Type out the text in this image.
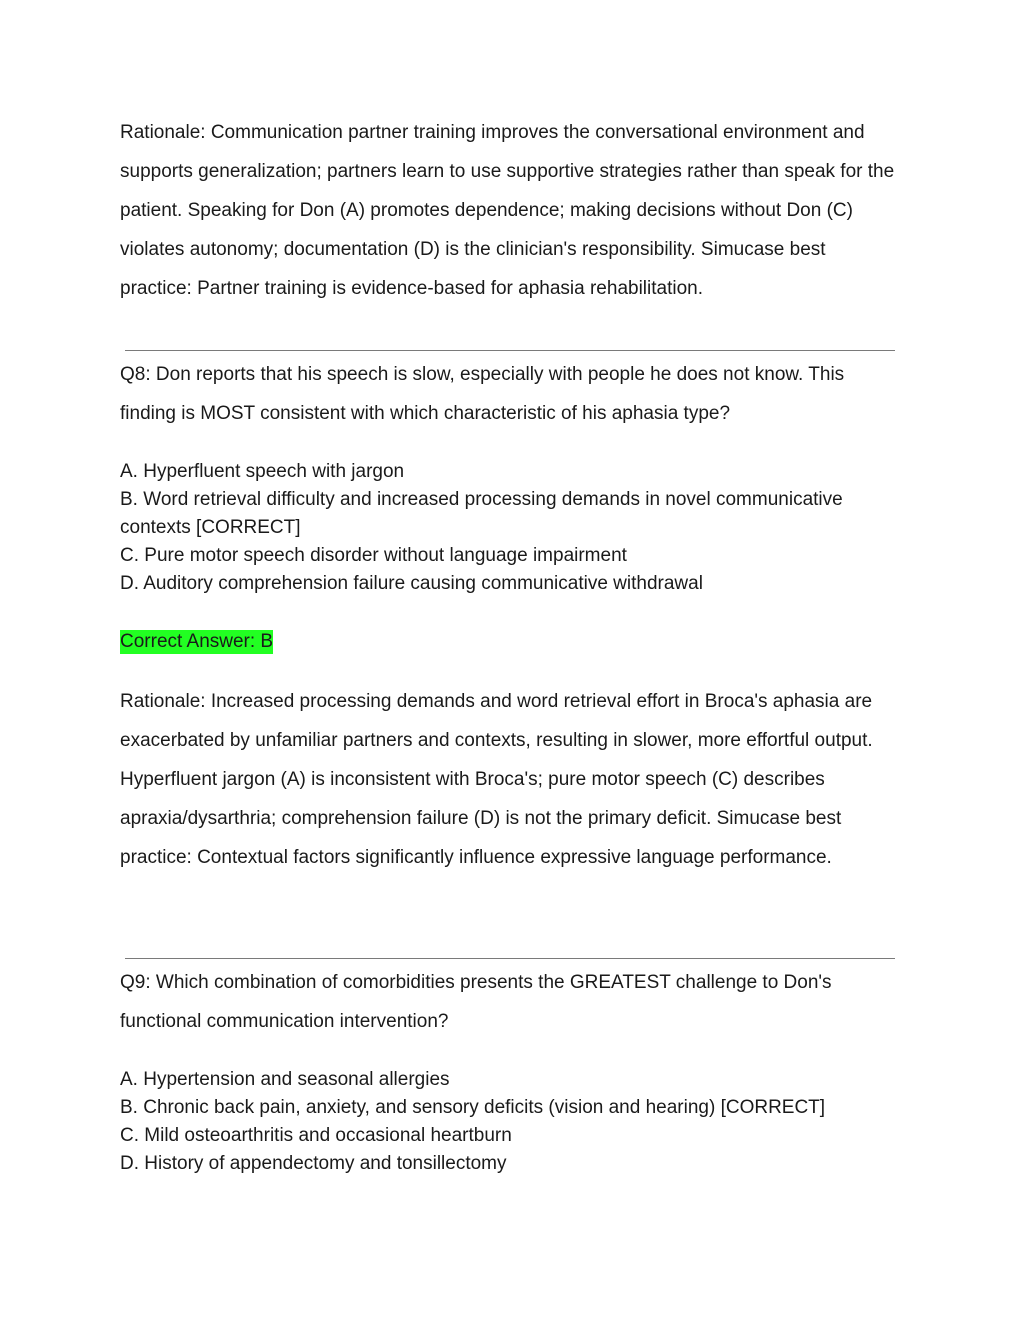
Rationale: Communication partner training improves the conversational environment and supports generalization; partners learn to use supportive strategies rather than speak for the patient. Speaking for Don (A) promotes dependence; making decisions without Don (C) violates autonomy; documentation (D) is the clinician's responsibility. Simucase best practice: Partner training is evidence-based for aphasia rehabilitation.

Q8: Don reports that his speech is slow, especially with people he does not know. This finding is MOST consistent with which characteristic of his aphasia type?

A. Hyperfluent speech with jargon
B. Word retrieval difficulty and increased processing demands in novel communicative contexts [CORRECT]
C. Pure motor speech disorder without language impairment
D. Auditory comprehension failure causing communicative withdrawal
Correct Answer: B

Rationale: Increased processing demands and word retrieval effort in Broca's aphasia are exacerbated by unfamiliar partners and contexts, resulting in slower, more effortful output. Hyperfluent jargon (A) is inconsistent with Broca's; pure motor speech (C) describes apraxia/dysarthria; comprehension failure (D) is not the primary deficit. Simucase best practice: Contextual factors significantly influence expressive language performance.

Q9: Which combination of comorbidities presents the GREATEST challenge to Don's functional communication intervention?

A. Hypertension and seasonal allergies
B. Chronic back pain, anxiety, and sensory deficits (vision and hearing) [CORRECT]
C. Mild osteoarthritis and occasional heartburn
D. History of appendectomy and tonsillectomy
